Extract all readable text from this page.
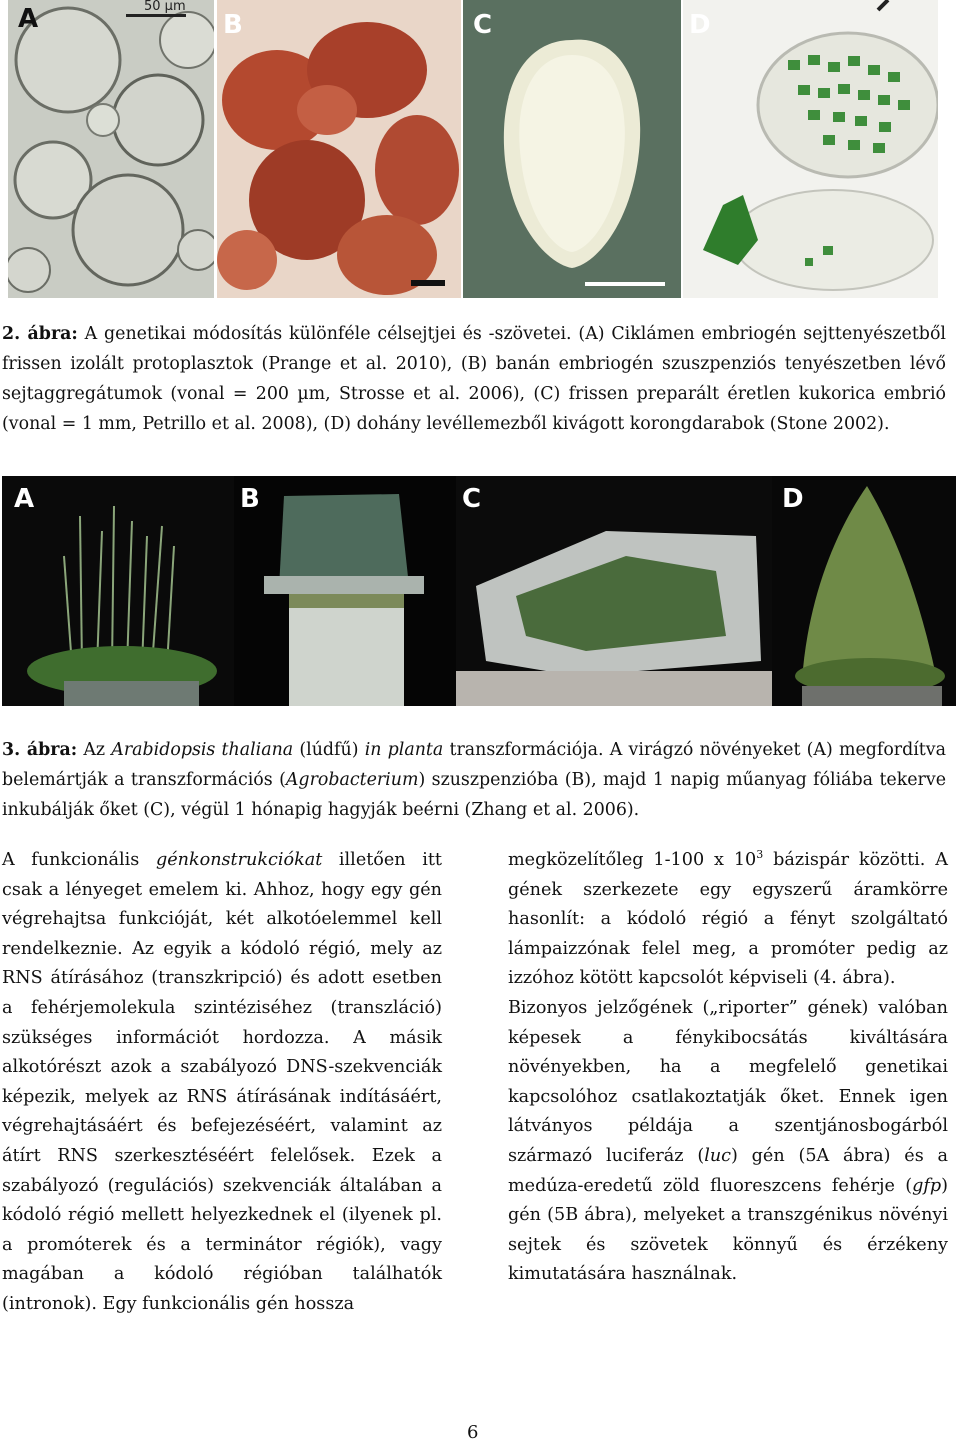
A	50 µm
B	C	D
2. ábra: A genetikai módosítás különféle célsejtjei és -szövetei. (A) Ciklámen embriogén sejttenyészetből frissen izolált protoplasztok (Prange et al. 2010), (B) banán embriogén szuszpenziós tenyészetben lévő sejtaggregátumok (vonal = 200 µm, Strosse et al. 2006), (C) frissen preparált éretlen kukorica embrió (vonal = 1 mm, Petrillo et al. 2008), (D) dohány levéllemezből kivágott korongdarabok (Stone 2002).
A	B	C	D
3. ábra: Az Arabidopsis thaliana (lúdfű) in planta transzformációja. A virágzó növényeket (A) megfordítva belemártják a transzformációs (Agrobacterium) szuszpenzióba (B), majd 1 napig műanyag fóliába tekerve inkubálják őket (C), végül 1 hónapig hagyják beérni (Zhang et al. 2006).

A funkcionális génkonstrukciókat illetően itt csak a lényeget emelem ki. Ahhoz, hogy egy gén végrehajtsa funkcióját, két alkotóelemmel kell rendelkeznie. Az egyik a kódoló régió, mely az RNS átírásához (transzkripció) és adott esetben a fehérjemolekula szintéziséhez (transzláció) szükséges információt hordozza. A másik alkotórészt azok a szabályozó DNS-szekvenciák képezik, melyek az RNS átírásának indításáért, végrehajtásáért és befejezéséért, valamint az átírt RNS szerkesztéséért felelősek. Ezek a szabályozó (regulációs) szekvenciák általában a kódoló régió mellett helyezkednek el (ilyenek pl. a promóterek és a terminátor régiók), vagy magában a kódoló régióban találhatók (intronok). Egy funkcionális gén hossza

megközelítőleg 1-100 x $10^3$ bázispár közötti. A gének szerkezete egy egyszerű áramkörre hasonlít: a kódoló régió a fényt szolgáltató lámpaizzónak felel meg, a promóter pedig az izzóhoz kötött kapcsolót képviseli (4. ábra).

Bizonyos jelzőgének („riporter” gének) valóban képesek a fénykibocsátás kiváltására növényekben, ha a megfelelő genetikai kapcsolóhoz csatlakoztatják őket. Ennek igen látványos példája a szentjánosbogárból származó luciferáz (luc) gén (5A ábra) és a medúza-eredetű zöld fluoreszcens fehérje (gfp) gén (5B ábra), melyeket a transzgénikus növényi sejtek és szövetek könnyű és érzékeny kimutatására használnak.

6
